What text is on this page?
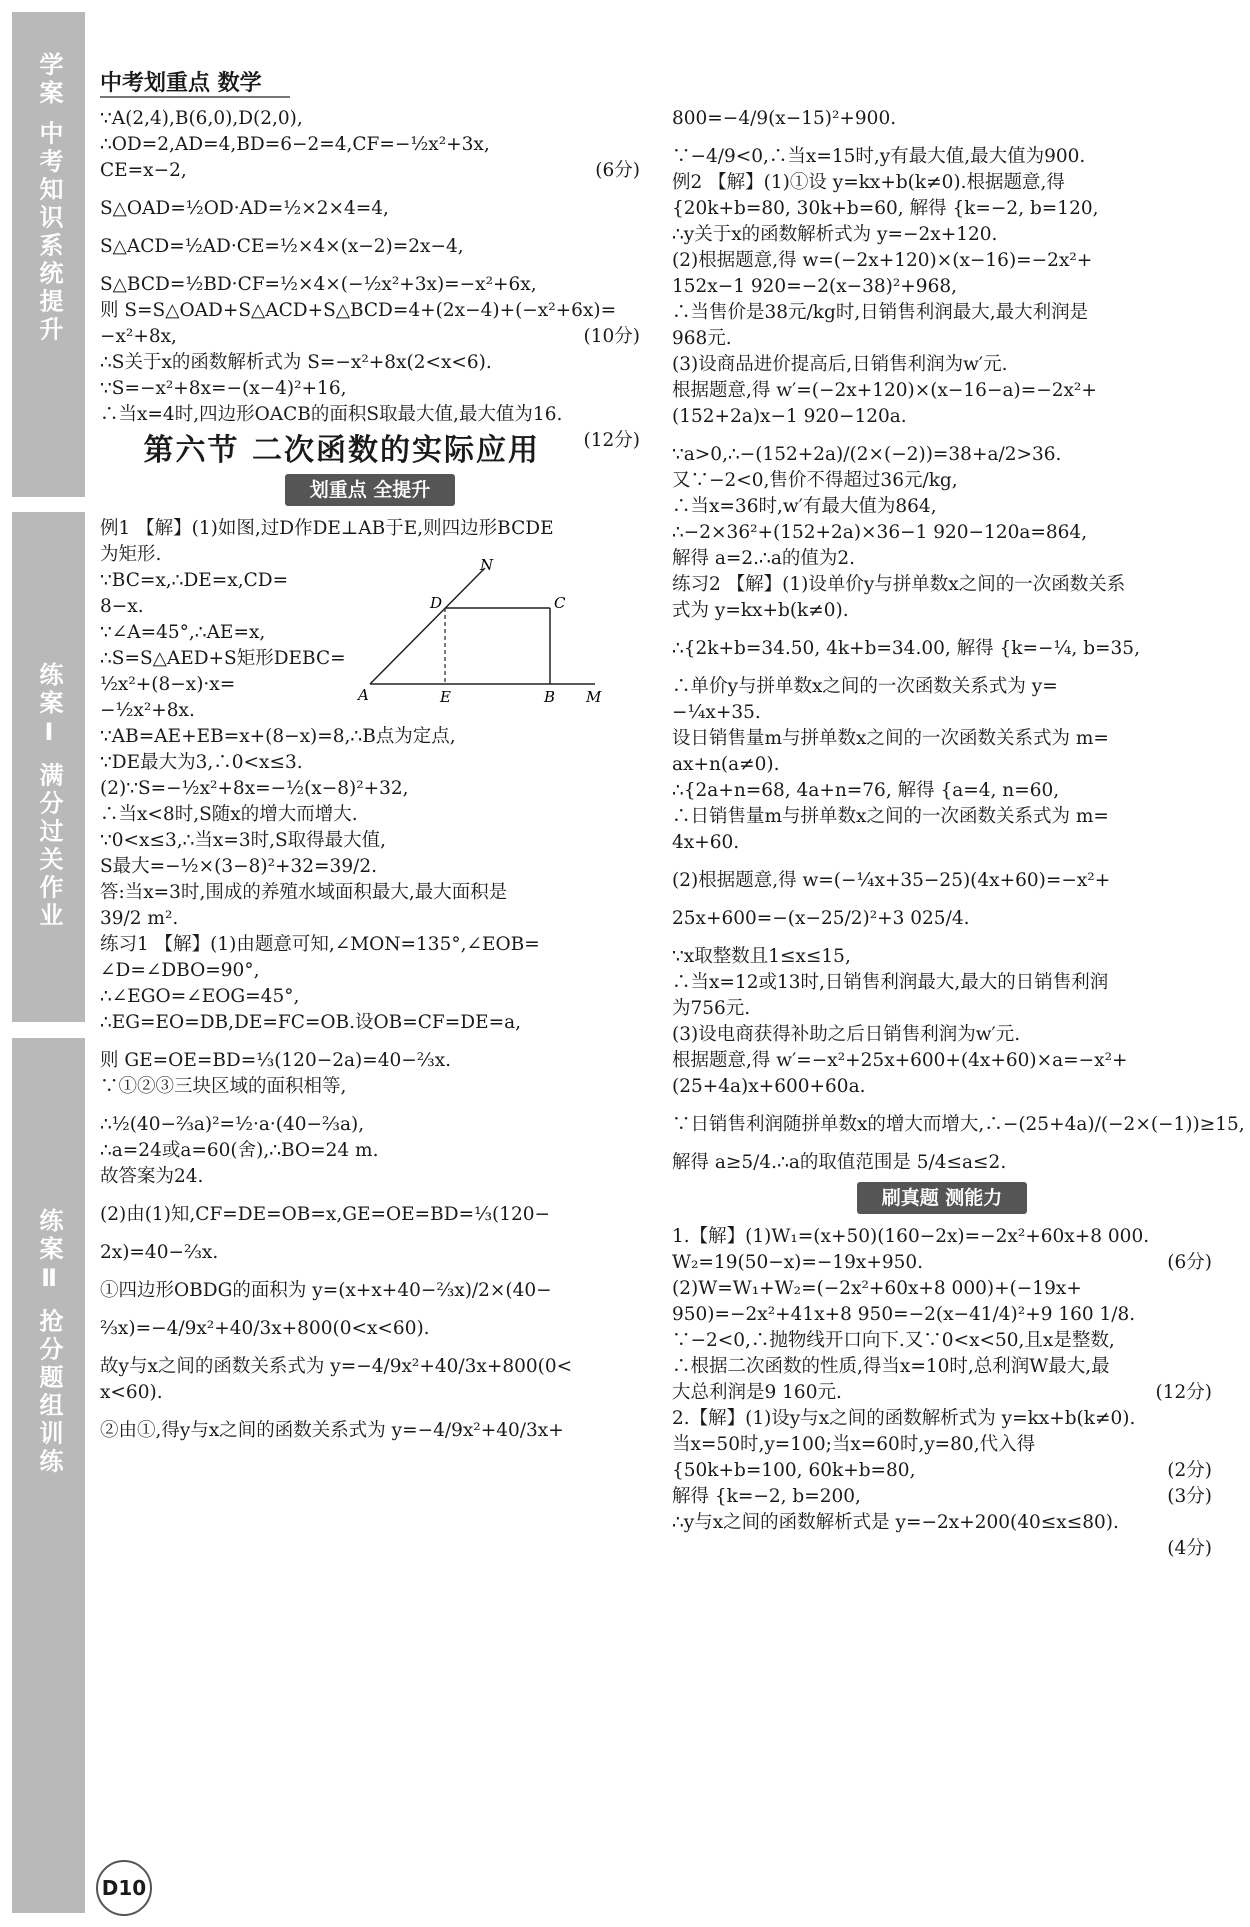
学案 中考知识系统提升
练案Ⅰ 满分过关作业
练案Ⅱ 抢分题组训练
中考划重点 数学

∵A(2,4),B(6,0),D(2,0),

∴OD=2,AD=4,BD=6−2=4,CF=−½x²+3x,

CE=x−2,	(6分)

S△OAD=½OD·AD=½×2×4=4,

S△ACD=½AD·CE=½×4×(x−2)=2x−4,

S△BCD=½BD·CF=½×4×(−½x²+3x)=−x²+6x,

则 S=S△OAD+S△ACD+S△BCD=4+(2x−4)+(−x²+6x)=

−x²+8x,	(10分)

∴S关于x的函数解析式为 S=−x²+8x(2<x<6).

∵S=−x²+8x=−(x−4)²+16,

∴当x=4时,四边形OACB的面积S取最大值,最大值为16.

(12分)

第六节 二次函数的实际应用
划重点 全提升

例1 【解】(1)如图,过D作DE⊥AB于E,则四边形BCDE

为矩形.

∵BC=x,∴DE=x,CD=

8−x.

∵∠A=45°,∴AE=x,

∴S=S△AED+S矩形DEBC=

½x²+(8−x)·x=

−½x²+8x.

N
D	C
A	E	B M

∵AB=AE+EB=x+(8−x)=8,∴B点为定点,

∵DE最大为3,∴0<x≤3.

(2)∵S=−½x²+8x=−½(x−8)²+32,

∴当x<8时,S随x的增大而增大.

∵0<x≤3,∴当x=3时,S取得最大值,

S最大=−½×(3−8)²+32=39/2.

答:当x=3时,围成的养殖水域面积最大,最大面积是

39/2 m².

练习1 【解】(1)由题意可知,∠MON=135°,∠EOB=

∠D=∠DBO=90°,

∴∠EGO=∠EOG=45°,

∴EG=EO=DB,DE=FC=OB.设OB=CF=DE=a,

则 GE=OE=BD=⅓(120−2a)=40−⅔x.

∵①②③三块区域的面积相等,

∴½(40−⅔a)²=½·a·(40−⅔a),

∴a=24或a=60(舍),∴BO=24 m.

故答案为24.

(2)由(1)知,CF=DE=OB=x,GE=OE=BD=⅓(120−

2x)=40−⅔x.

①四边形OBDG的面积为 y=(x+x+40−⅔x)/2×(40−

⅔x)=−4/9x²+40/3x+800(0<x<60).

故y与x之间的函数关系式为 y=−4/9x²+40/3x+800(0<

x<60).

②由①,得y与x之间的函数关系式为 y=−4/9x²+40/3x+

800=−4/9(x−15)²+900.

∵−4/9<0,∴当x=15时,y有最大值,最大值为900.

例2 【解】(1)①设 y=kx+b(k≠0).根据题意,得

{20k+b=80, 30k+b=60, 解得 {k=−2, b=120,

∴y关于x的函数解析式为 y=−2x+120.

(2)根据题意,得 w=(−2x+120)×(x−16)=−2x²+

152x−1 920=−2(x−38)²+968,

∴当售价是38元/kg时,日销售利润最大,最大利润是

968元.

(3)设商品进价提高后,日销售利润为w′元.

根据题意,得 w′=(−2x+120)×(x−16−a)=−2x²+

(152+2a)x−1 920−120a.

∵a>0,∴−(152+2a)/(2×(−2))=38+a/2>36.

又∵−2<0,售价不得超过36元/kg,

∴当x=36时,w′有最大值为864,

∴−2×36²+(152+2a)×36−1 920−120a=864,

解得 a=2.∴a的值为2.

练习2 【解】(1)设单价y与拼单数x之间的一次函数关系

式为 y=kx+b(k≠0).

∴{2k+b=34.50, 4k+b=34.00, 解得 {k=−¼, b=35,

∴单价y与拼单数x之间的一次函数关系式为 y=

−¼x+35.

设日销售量m与拼单数x之间的一次函数关系式为 m=

ax+n(a≠0).

∴{2a+n=68, 4a+n=76, 解得 {a=4, n=60,

∴日销售量m与拼单数x之间的一次函数关系式为 m=

4x+60.

(2)根据题意,得 w=(−¼x+35−25)(4x+60)=−x²+

25x+600=−(x−25/2)²+3 025/4.

∵x取整数且1≤x≤15,

∴当x=12或13时,日销售利润最大,最大的日销售利润

为756元.

(3)设电商获得补助之后日销售利润为w′元.

根据题意,得 w′=−x²+25x+600+(4x+60)×a=−x²+

(25+4a)x+600+60a.

∵日销售利润随拼单数x的增大而增大,∴−(25+4a)/(−2×(−1))≥15,

解得 a≥5/4.∴a的取值范围是 5/4≤a≤2.

刷真题 测能力

1.【解】(1)W₁=(x+50)(160−2x)=−2x²+60x+8 000.

W₂=19(50−x)=−19x+950.	(6分)

(2)W=W₁+W₂=(−2x²+60x+8 000)+(−19x+

950)=−2x²+41x+8 950=−2(x−41/4)²+9 160 1/8.

∵−2<0,∴抛物线开口向下.又∵0<x<50,且x是整数,

∴根据二次函数的性质,得当x=10时,总利润W最大,最

大总利润是9 160元.	(12分)

2.【解】(1)设y与x之间的函数解析式为 y=kx+b(k≠0).

当x=50时,y=100;当x=60时,y=80,代入得

{50k+b=100, 60k+b=80,	(2分)

解得 {k=−2, b=200,	(3分)

∴y与x之间的函数解析式是 y=−2x+200(40≤x≤80).

(4分)

D10
